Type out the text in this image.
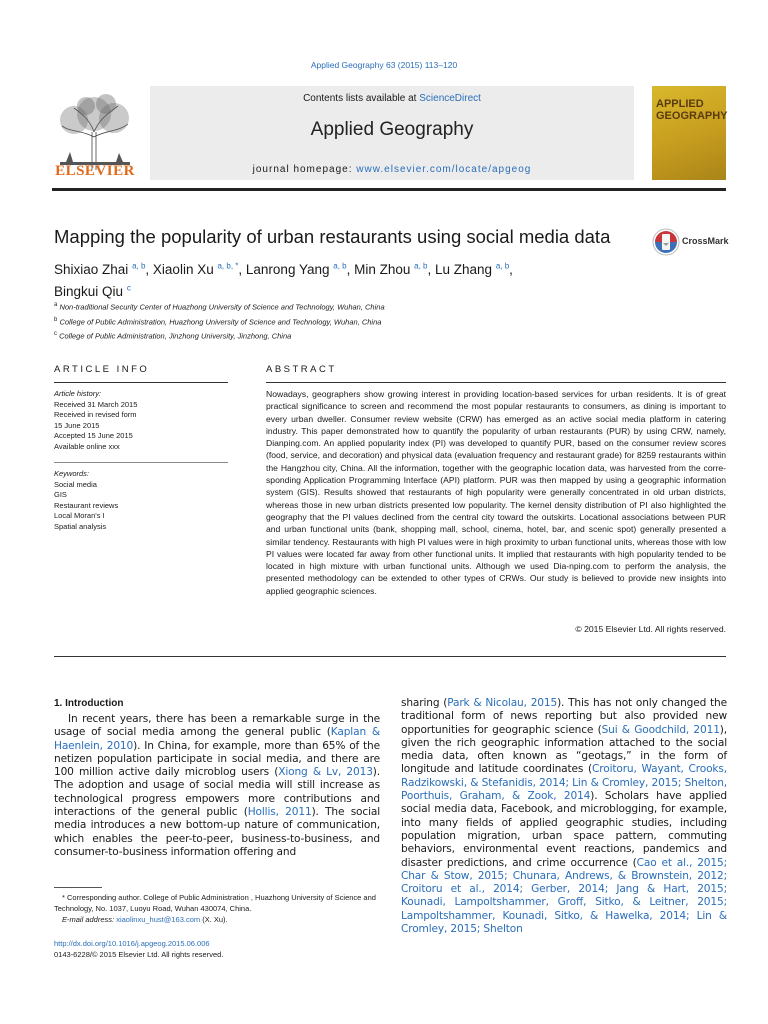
Applied Geography 63 (2015) 113–120
ELSEVIER
Contents lists available at ScienceDirect
Applied Geography
journal homepage: www.elsevier.com/locate/apgeog
APPLIED
GEOGRAPHY
Mapping the popularity of urban restaurants using social media data	CrossMark
Shixiao Zhai $^{a, b}$, Xiaolin Xu $^{a, b, *}$, Lanrong Yang $^{a, b}$, Min Zhou $^{a, b}$, Lu Zhang $^{a, b}$,
Bingkui Qiu $^c$
$^a$ Non-traditional Security Center of Huazhong University of Science and Technology, Wuhan, China
$^b$ College of Public Administration, Huazhong University of Science and Technology, Wuhan, China
$^c$ College of Public Administration, Jinzhong University, Jinzhong, China
ARTICLE INFO
Article history:
Received 31 March 2015
Received in revised form
15 June 2015
Accepted 15 June 2015
Available online xxx
Keywords:
Social media
GIS
Restaurant reviews
Local Moran's I
Spatial analysis
ABSTRACT
Nowadays, geographers show growing interest in providing location-based services for urban residents. It is of great practical significance to screen and recommend the most popular restaurants to consumers, as dining is important to every urban dweller. Consumer review website (CRW) has emerged as an active social media platform in catering industry. This paper demonstrated how to quantify the popularity of urban restaurants (PUR) by using CRW, namely, Dianping.com. An applied popularity index (PI) was developed to quantify PUR, based on the consumer review scores (food, service, and decoration) and physical data (evaluation frequency and restaurant grade) for 8259 restaurants within the Hangzhou city, China. All the information, together with the geographic location data, was harvested from the corre-sponding Application Programming Interface (API) platform. PUR was then mapped by using a geographic information system (GIS). Results showed that restaurants of high popularity were generally concentrated in old urban districts, whereas those in new urban districts presented low popularity. The kernel density distribution of PI also highlighted the geography that the PI values declined from the central city toward the outskirts. Locational associations between PUR and urban functional units (bank, shopping mall, school, cinema, hotel, bar, and scenic spot) generally presented a similar tendency. Restaurants with high PI values were in high proximity to urban functional units, whereas those with low PI values were located far away from other functional units. It implied that restaurants with high popularity tended to be located in high mixture with urban functional units. Although we used Dia-nping.com to perform the analysis, the presented methodology can be extended to other types of CRWs. Our study is believed to provide new insights into applied geographic sciences.
© 2015 Elsevier Ltd. All rights reserved.
1. Introduction
In recent years, there has been a remarkable surge in the usage of social media among the general public (Kaplan & Haenlein, 2010). In China, for example, more than 65% of the netizen population participate in social media, and there are 100 million active daily microblog users (Xiong & Lv, 2013). The adoption and usage of social media will still increase as technological progress empowers more contributions and interactions of the general public (Hollis, 2011). The social media introduces a new bottom-up nature of communication, which enables the peer-to-peer, business-to-business, and consumer-to-business information offering and
sharing (Park & Nicolau, 2015). This has not only changed the traditional form of news reporting but also provided new opportunities for geographic science (Sui & Goodchild, 2011), given the rich geographic information attached to the social media data, often known as “geotags,” in the form of longitude and latitude coordinates (Croitoru, Wayant, Crooks, Radzikowski, & Stefanidis, 2014; Lin & Cromley, 2015; Shelton, Poorthuis, Graham, & Zook, 2014). Scholars have applied social media data, Facebook, and microblogging, for example, into many fields of applied geographic studies, including population migration, urban space pattern, commuting behaviors, environmental event reactions, pandemics and disaster predictions, and crime occurrence (Cao et al., 2015; Char & Stow, 2015; Chunara, Andrews, & Brownstein, 2012; Croitoru et al., 2014; Gerber, 2014; Jang & Hart, 2015; Kounadi, Lampoltshammer, Groff, Sitko, & Leitner, 2015; Lampoltshammer, Kounadi, Sitko, & Hawelka, 2014; Lin & Cromley, 2015; Shelton
* Corresponding author. College of Public Administration , Huazhong University of Science and Technology, No. 1037, Luoyu Road, Wuhan 430074, China.
E-mail address: xiaolinxu_hust@163.com (X. Xu).
http://dx.doi.org/10.1016/j.apgeog.2015.06.006
0143-6228/© 2015 Elsevier Ltd. All rights reserved.
